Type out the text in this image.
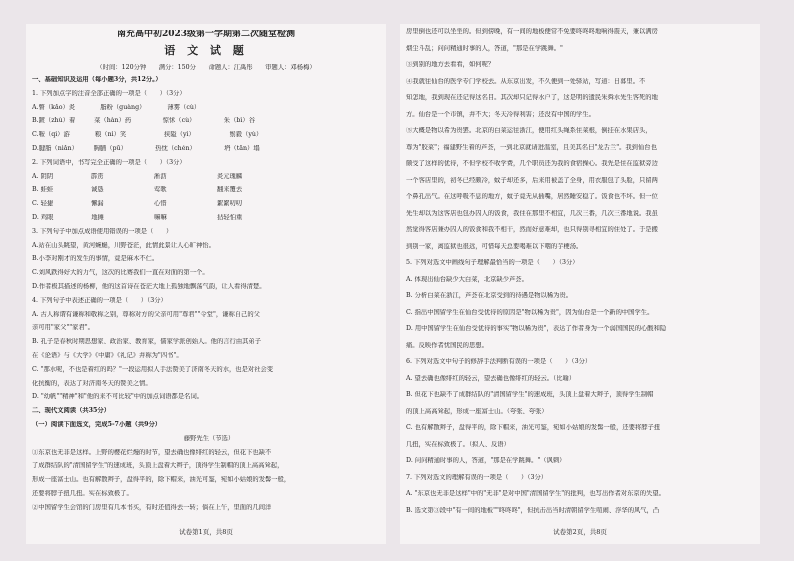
南充高中初2023级第一学期第二次随堂检测
语 文 试 题
（时间：120分钟　　满分：150分　　命题人：江禹彤　　审题人：邓杨梅）
一、基础知识及运用（每小题3分，共12分。）
1. 下列加点字的注音全部正确的一项是（　　）（3分）
A.瞥（kǎo）炎　　　　脂粉（guàng）　　　　薄雾（cù）
B.踱（zhù）着　　　菜（hàn）药　　　　　惊怵（cù）　　　　　朱（bì）谷
C.鞍（qi）游　　　　粮（nì）笑　　　　　　挟隘（yì）　　　　　　鬃毅（yù）
D.腱脂（niǎn）　　　胸脯（pū）　　　　　热忱（chén）　　　　　坍（tān）塌
2. 下列词语中，书写完全正确的一项是（　　）（3分）
A. 阴阴　　　　　　霹雳　　　　　　　　淅沥　　　　　　　　炎元瑰麟
B. 蛙蛙　　　　　　诚恳　　　　　　　　莺歌　　　　　　　　翻来覆去
C. 轻捷　　　　　　懈漏　　　　　　　　心惜　　　　　　　　絮絮叨叨
D. 鸡眼　　　　　　地摊　　　　　　　　嘛嘛　　　　　　　　拈轻怕重
3. 下列句子中加点成语使用错误的一项是（　　）
A.站在山头眺望，黄河蜿蜒，川野苍茫，此情此景让人心旷神怡。
B.小李对刚才的发生的事情，竟是麻木不仁。
C.刘风跌得好大的力气，这次的比赛我们一直在对面的第一个。
D.作者极其描述的杨柳，他的这首诗在苍茫大地上孤独地飘荡气韵，让人看得清楚。
4. 下列句子中表述正确的一项是（　　）（3分）
A. 古人称谓有谦称和敬称之别，尊称对方的父亲可用"尊君""令堂"，谦称自己的父
亲可用"家父""家君"。
B. 孔子是春秋时期思想家、政治家、教育家，儒家学派创始人。他的言行由其弟子
在《论语》与《大学》《中庸》《礼记》并称为"四书"。
C. "那水呢，不也是着红的吗？"一段运用拟人手法赞美了济南冬天的水，也是对社会变
化抗衡的，表达了对济南冬天的赞美之情。
D. "幼帆""精神"和"他的来不可比较"中的加点词语都是名词。
二、现代文阅读（共35分）
（一）阅读下面选文，完成5-7小题（共9分）
藤野先生（节选）
①东京也无非是这样。上野的樱花烂熳的时节，望去确也像绯红的轻云，但花下也缺不
了成群结队的"清国留学生"的速成班，头顶上盘着大辫子，顶得学生制帽的顶上高高耸起，
形成一座富士山。也有解散辫子，盘得平的，除下帽来，油光可鉴，宛如小姑娘的发髻一般，
还要将脖子扭几扭。实在标致极了。
②中国留学生会馆的门房里有几本书买，有时还值得去一转；倘在上午，里面的几间洋
试卷第1页，共8页
房里倒也还可以坐坐的。但到傍晚，有一间的地板便常不免要咚咚咚地响得震天，兼以满房
烟尘斗乱；问问精通时事的人，答道，"那是在学跳舞。"
③到别的地方去看看，如何呢？
④我就往仙台的医学专门学校去。从东京出发，不久便到一处驿站，写道：日暮里。不
知怎地，我到现在还记得这名目。其次却只记得水户了，这是明的遗民朱舜水先生客死的地
方。仙台是一个市镇，并不大；冬天冷得利害；还没有中国的学生。
⑤大概是物以希为贵罢。北京的白菜运往浙江，便用红头绳系住菜根，倒挂在水果店头，
尊为"胶菜"；福建野生着的芦荟，一到北京就请进温室，且美其名曰"龙舌兰"。我到仙台也
颇受了这样的优待，不但学校不收学费，几个职员还为我的食宿操心。我先是住在监狱旁边
一个客店里的，初冬已经颇冷，蚊子却还多，后来用被盖了全身，用衣服包了头脸，只留两
个鼻孔出气。在这呼吸不息的地方，蚊子竟无从插嘴，居然睡安稳了。饭食也不坏。但一位
先生却以为这客店也包办囚人的饭食，我住在那里不相宜，几次三番，几次三番地说。我虽
然觉得客店兼办囚人的饭食和我不相干，然而好意难却，也只得别寻相宜的住处了。于是搬
到别一家，离监狱也很远，可惜每天总要喝难以下咽的芋梗汤。
5. 下列对选文中画线句子理解最恰当的一项是（　　）（3分）
A. 体现出仙台缺少大白菜，北京缺少芦荟。
B. 分析白菜在浙江，芦荟在北京受到的待遇是物以稀为贵。
C. 指出中国留学生在仙台受优待的原因是"物以稀为贵"，因为仙台是一个新的中国学生。
D. 用中国留学生在仙台受优待的事实"物以稀为贵"，表达了作者身为一个弱国国民的心酸和隐
痛。反映作者忧国民的思想。
6. 下列对选文中句子的修辞手法判断有误的一项是（　　）（3分）
A. 望去确也像绯红的轻云，望去确也像绯红的轻云。（比喻）
B. 但花下也缺不了成群结队的"清国留学生"的速成班，头顶上盘着大辫子，顶得学生制帽
的顶上高高耸起，形成一座富士山。（夸张、夸张）
C. 也有解散辫子，盘得平的，除下帽来，油光可鉴，宛如小姑娘的发髻一般，还要将脖子扭
几扭，实在标致极了。（拟人、反语）
D. 问问精通时事的人，答道，"那是在学跳舞。"（讽刺）
7. 下列对选文的理解有误的一项是（　　）（3分）
A. "东京也无非是这样"中的"无非"是对中国"清国留学生"的批判，也写出作者对东京的失望。
B. 选文第③段中"有一间的地板""咚咚咚"，但抗击出当时清朝留学生喧闹、浮华的风气，凸
试卷第2页，共8页
